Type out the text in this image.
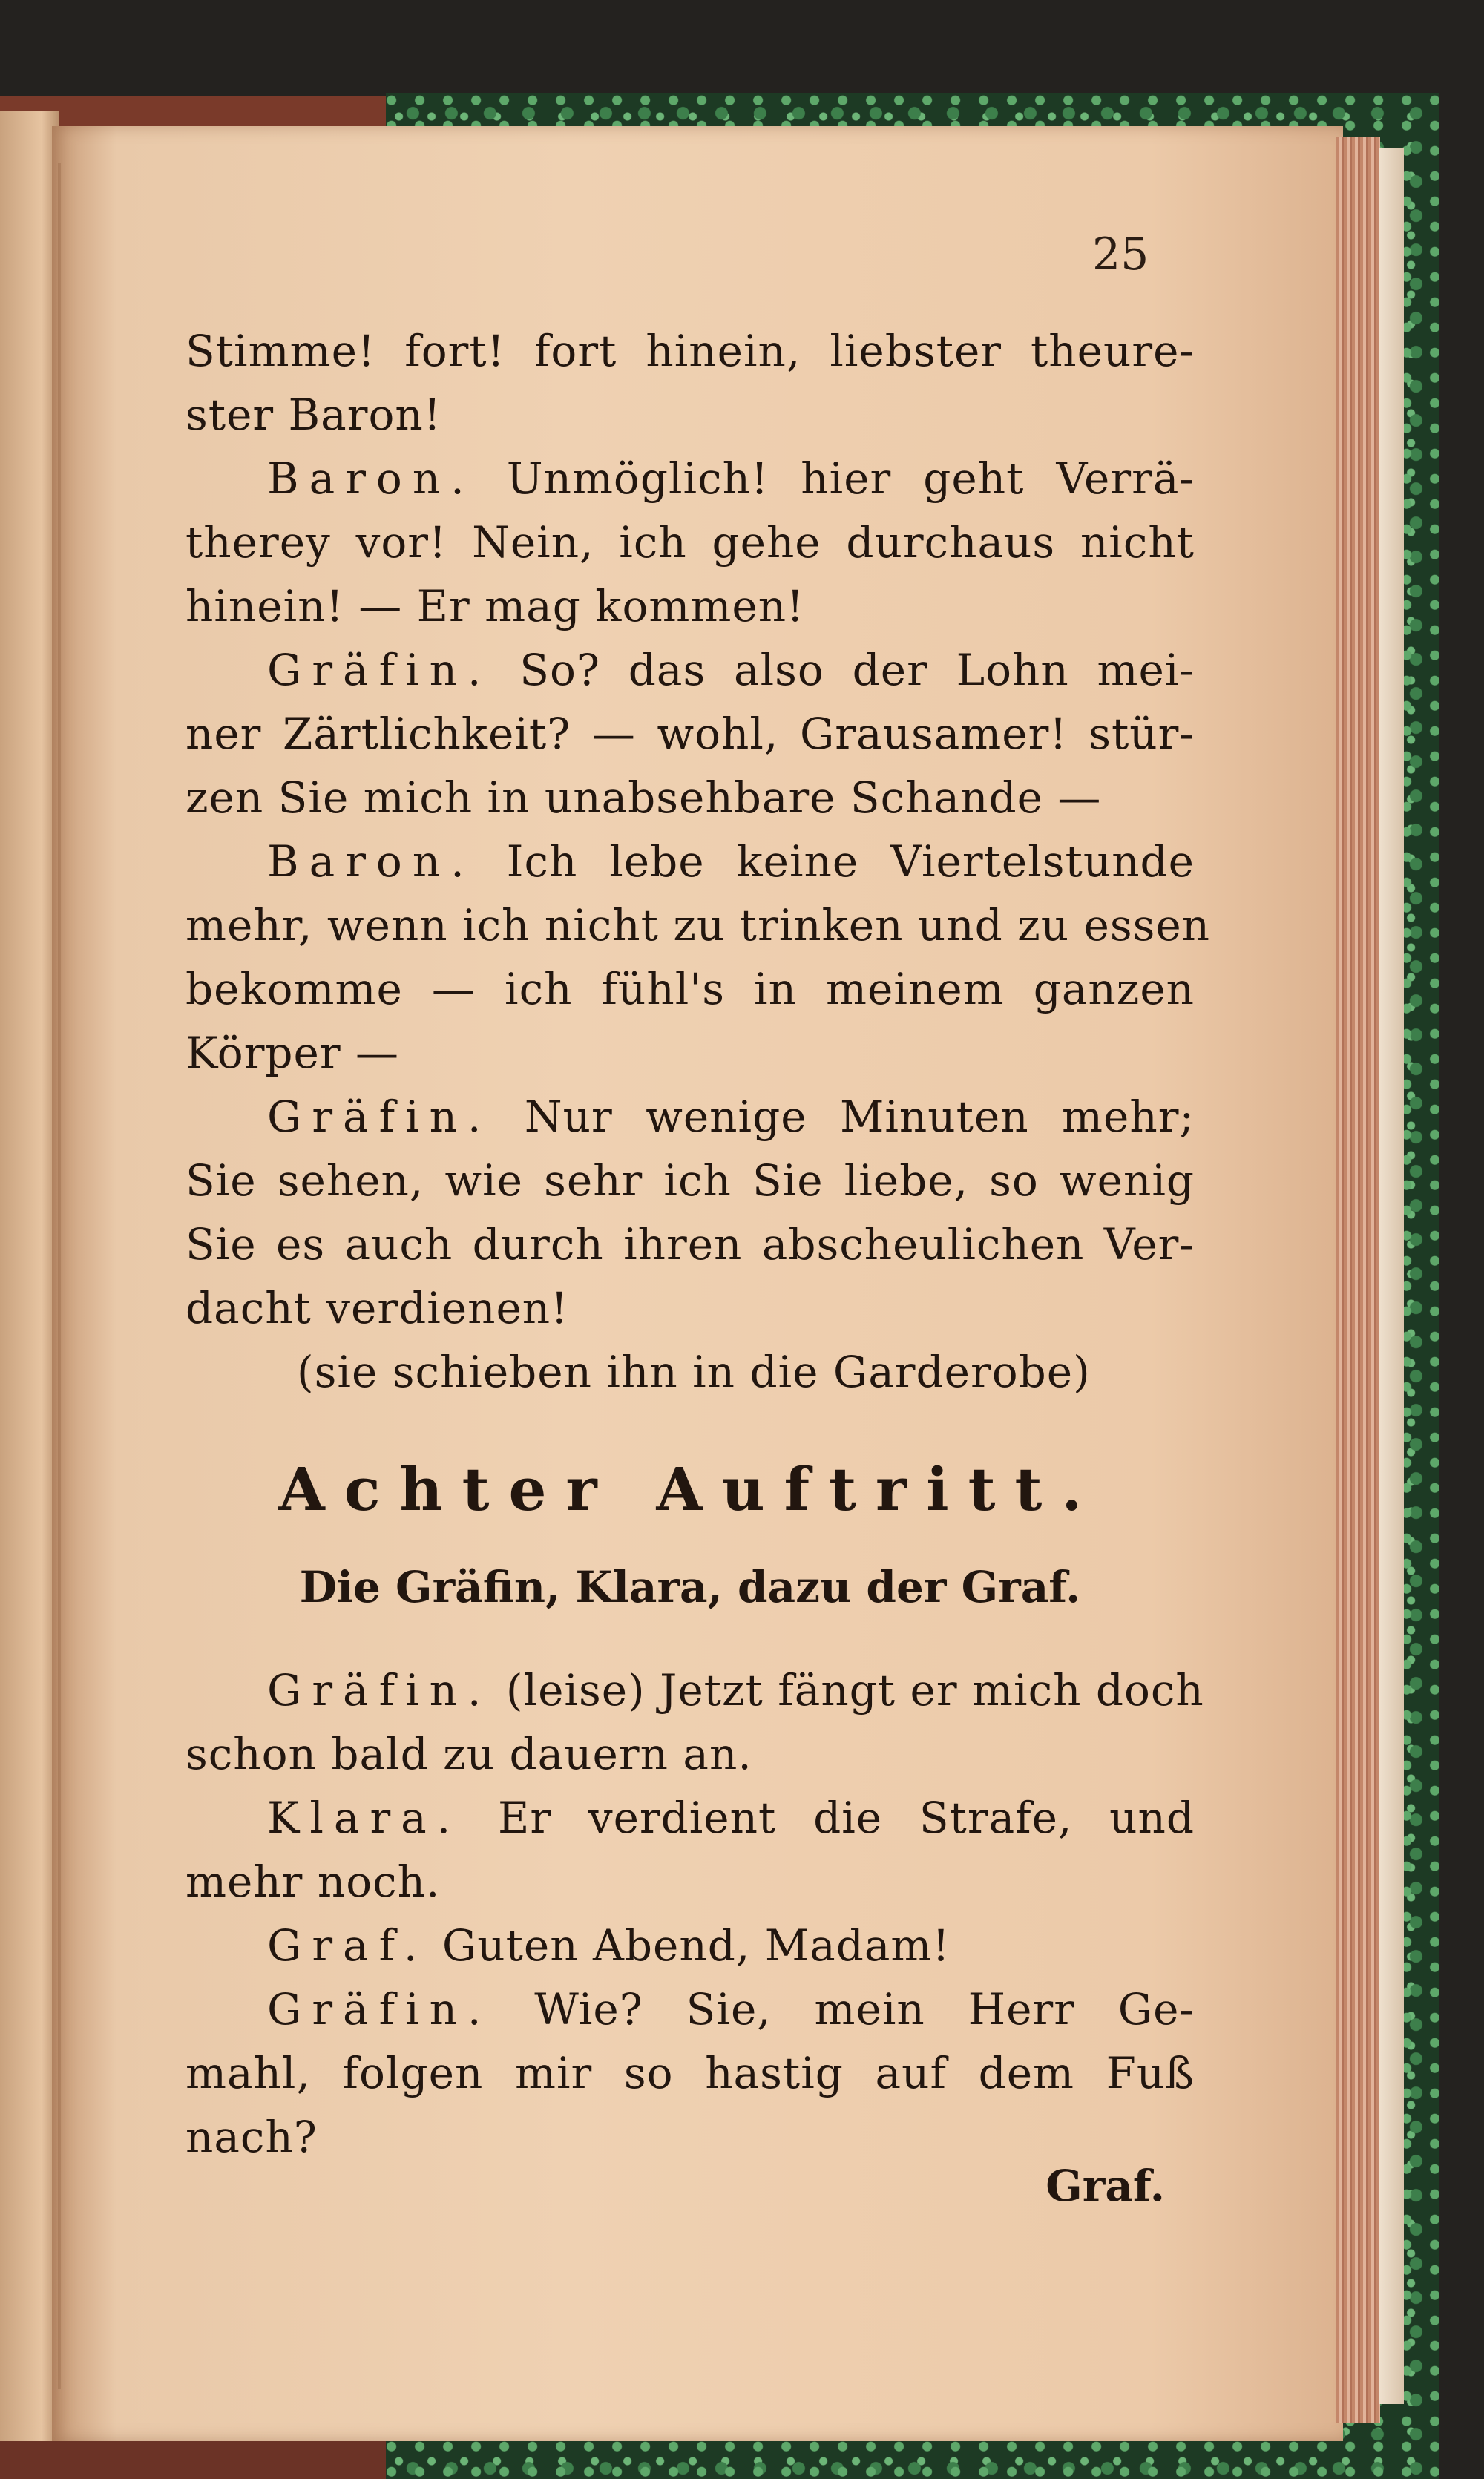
25
Stimme! fort! fort hinein, liebster theure-
ster Baron!
Baron. Unmöglich! hier geht Verrä-
therey vor! Nein, ich gehe durchaus nicht
hinein! — Er mag kommen!
Gräfin. So? das also der Lohn mei-
ner Zärtlichkeit? — wohl, Grausamer! stür-
zen Sie mich in unabsehbare Schande —
Baron. Ich lebe keine Viertelstunde
mehr, wenn ich nicht zu trinken und zu essen
bekomme — ich fühl's in meinem ganzen
Körper —
Gräfin. Nur wenige Minuten mehr;
Sie sehen, wie sehr ich Sie liebe, so wenig
Sie es auch durch ihren abscheulichen Ver-
dacht verdienen!
(sie schieben ihn in die Garderobe)
Achter Auftritt.
Die Gräfin, Klara, dazu der Graf.
Gräfin. (leise) Jetzt fängt er mich doch
schon bald zu dauern an.
Klara. Er verdient die Strafe, und
mehr noch.
Graf. Guten Abend, Madam!
Gräfin. Wie? Sie, mein Herr Ge-
mahl, folgen mir so hastig auf dem Fuß
nach?
Graf.
